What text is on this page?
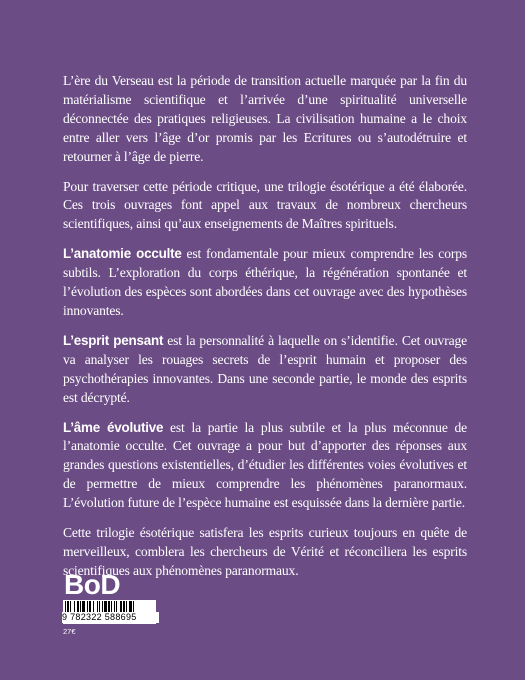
L’ère du Verseau est la période de transition actuelle marquée par la fin du matérialisme scientifique et l’arrivée d’une spiritualité universelle déconnectée des pratiques religieuses. La civilisation humaine a le choix entre aller vers l’âge d’or promis par les Ecritures ou s’autodétruire et retourner à l’âge de pierre.

Pour traverser cette période critique, une trilogie ésotérique a été élaborée. Ces trois ouvrages font appel aux travaux de nombreux chercheurs scientifiques, ainsi qu’aux enseignements de Maîtres spirituels.

L’anatomie occulte est fondamentale pour mieux comprendre les corps subtils. L’exploration du corps éthérique, la régénération spontanée et l’évolution des espèces sont abordées dans cet ouvrage avec des hypothèses innovantes.

L’esprit pensant est la personnalité à laquelle on s’identifie. Cet ouvrage va analyser les rouages secrets de l’esprit humain et proposer des psychothérapies innovantes. Dans une seconde partie, le monde des esprits est décrypté.

L’âme évolutive est la partie la plus subtile et la plus méconnue de l’anatomie occulte. Cet ouvrage a pour but d’apporter des réponses aux grandes questions existentielles, d’étudier les différentes voies évolutives et de permettre de mieux comprendre les phénomènes paranormaux. L’évolution future de l’espèce humaine est esquissée dans la dernière partie.

Cette trilogie ésotérique satisfera les esprits curieux toujours en quête de merveilleux, comblera les chercheurs de Vérité et réconciliera les esprits scientifiques aux phénomènes paranormaux.

BoD
9 782322 588695
27€
